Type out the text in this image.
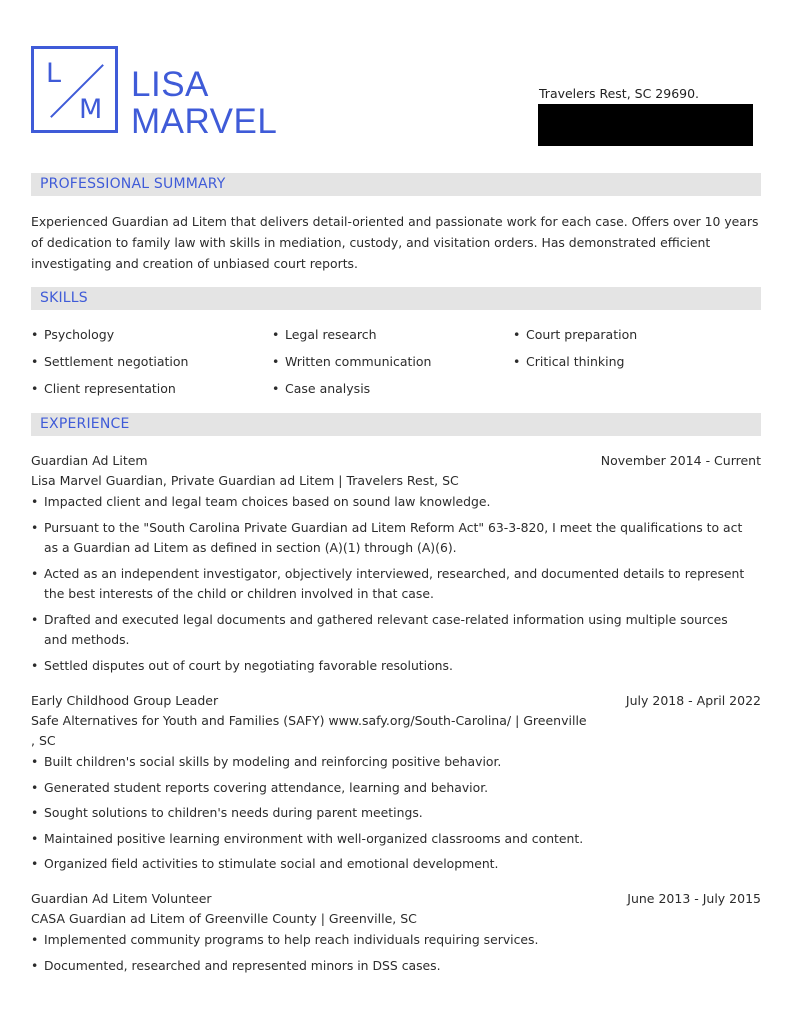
L
M
LISA
MARVEL
Travelers Rest, SC 29690.
PROFESSIONAL SUMMARY

Experienced Guardian ad Litem that delivers detail-oriented and passionate work for each case. Offers over 10 years of dedication to family law with skills in mediation, custody, and visitation orders. Has demonstrated efficient investigating and creation of unbiased court reports.

SKILLS
• Psychology
• Settlement negotiation
• Client representation
• Legal research
• Written communication
• Case analysis
• Court preparation
• Critical thinking
EXPERIENCE
Guardian Ad Litem	November 2014 - Current
Lisa Marvel Guardian, Private Guardian ad Litem | Travelers Rest, SC
• Impacted client and legal team choices based on sound law knowledge.
• Pursuant to the "South Carolina Private Guardian ad Litem Reform Act" 63-3-820, I meet the qualifications to act as a Guardian ad Litem as defined in section (A)(1) through (A)(6).
• Acted as an independent investigator, objectively interviewed, researched, and documented details to represent the best interests of the child or children involved in that case.
• Drafted and executed legal documents and gathered relevant case-related information using multiple sources and methods.
• Settled disputes out of court by negotiating favorable resolutions.
Early Childhood Group Leader	July 2018 - April 2022
Safe Alternatives for Youth and Families (SAFY) www.safy.org/South-Carolina/ | Greenville , SC
• Built children's social skills by modeling and reinforcing positive behavior.
• Generated student reports covering attendance, learning and behavior.
• Sought solutions to children's needs during parent meetings.
• Maintained positive learning environment with well-organized classrooms and content.
• Organized field activities to stimulate social and emotional development.
Guardian Ad Litem Volunteer	June 2013 - July 2015
CASA Guardian ad Litem of Greenville County | Greenville, SC
• Implemented community programs to help reach individuals requiring services.
• Documented, researched and represented minors in DSS cases.
